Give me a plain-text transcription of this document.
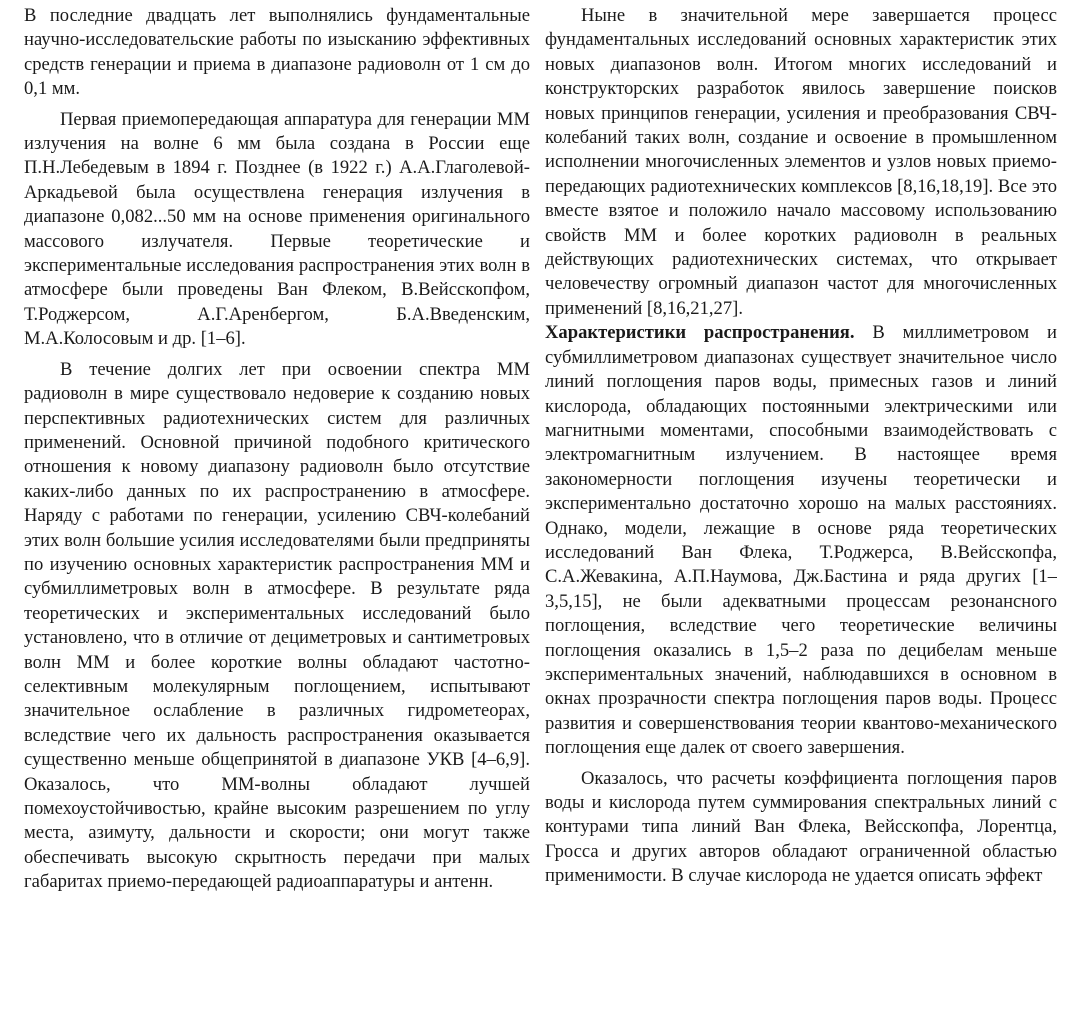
В последние двадцать лет выполнялись фундаментальные научно-исследовательские работы по изысканию эффективных средств генерации и приема в диапазоне радиоволн от 1 см до 0,1 мм.

Первая приемопередающая аппаратура для генерации ММ излучения на волне 6 мм была создана в России еще П.Н.Лебедевым в 1894 г. Позднее (в 1922 г.) А.А.Глаголевой-Аркадьевой была осуществлена генерация излучения в диапазоне 0,082...50 мм на основе применения оригинального массового излучателя. Первые теоретические и экспериментальные исследования распространения этих волн в атмосфере были проведены Ван Флеком, В.Вейсскопфом, Т.Роджерсом, А.Г.Аренбергом, Б.А.Введенским, М.А.Колосовым и др. [1–6].

В течение долгих лет при освоении спектра ММ радиоволн в мире существовало недоверие к созданию новых перспективных радиотехнических систем для различных применений. Основной причиной подобного критического отношения к новому диапазону радиоволн было отсутствие каких-либо данных по их распространению в атмосфере. Наряду с работами по генерации, усилению СВЧ-колебаний этих волн большие усилия исследователями были предприняты по изучению основных характеристик распространения ММ и субмиллиметровых волн в атмосфере. В результате ряда теоретических и экспериментальных исследований было установлено, что в отличие от дециметровых и сантиметровых волн ММ и более короткие волны обладают частотно-селективным молекулярным поглощением, испытывают значительное ослабление в различных гидрометеорах, вследствие чего их дальность распространения оказывается существенно меньше общепринятой в диапазоне УКВ [4–6,9]. Оказалось, что ММ-волны обладают лучшей помехоустойчивостью, крайне высоким разрешением по углу места, азимуту, дальности и скорости; они могут также обеспечивать высокую скрытность передачи при малых габаритах приемо-передающей радиоаппаратуры и антенн.

Ныне в значительной мере завершается процесс фундаментальных исследований основных характеристик этих новых диапазонов волн. Итогом многих исследований и конструкторских разработок явилось завершение поисков новых принципов генерации, усиления и преобразования СВЧ-колебаний таких волн, создание и освоение в промышленном исполнении многочисленных элементов и узлов новых приемо-передающих радиотехнических комплексов [8,16,18,19]. Все это вместе взятое и положило начало массовому использованию свойств ММ и более коротких радиоволн в реальных действующих радиотехнических системах, что открывает человечеству огромный диапазон частот для многочисленных применений [8,16,21,27].

Характеристики распространения. В миллиметровом и субмиллиметровом диапазонах существует значительное число линий поглощения паров воды, примесных газов и линий кислорода, обладающих постоянными электрическими или магнитными моментами, способными взаимодействовать с электромагнитным излучением. В настоящее время закономерности поглощения изучены теоретически и экспериментально достаточно хорошо на малых расстояниях. Однако, модели, лежащие в основе ряда теоретических исследований Ван Флека, Т.Роджерса, В.Вейсскопфа, С.А.Жевакина, А.П.Наумова, Дж.Бастина и ряда других [1–3,5,15], не были адекватными процессам резонансного поглощения, вследствие чего теоретические величины поглощения оказались в 1,5–2 раза по децибелам меньше экспериментальных значений, наблюдавшихся в основном в окнах прозрачности спектра поглощения паров воды. Процесс развития и совершенствования теории квантово-механического поглощения еще далек от своего завершения.

Оказалось, что расчеты коэффициента поглощения паров воды и кислорода путем суммирования спектральных линий с контурами типа линий Ван Флека, Вейсскопфа, Лорентца, Гросса и других авторов обладают ограниченной областью применимости. В случае кислорода не удается описать эффект
